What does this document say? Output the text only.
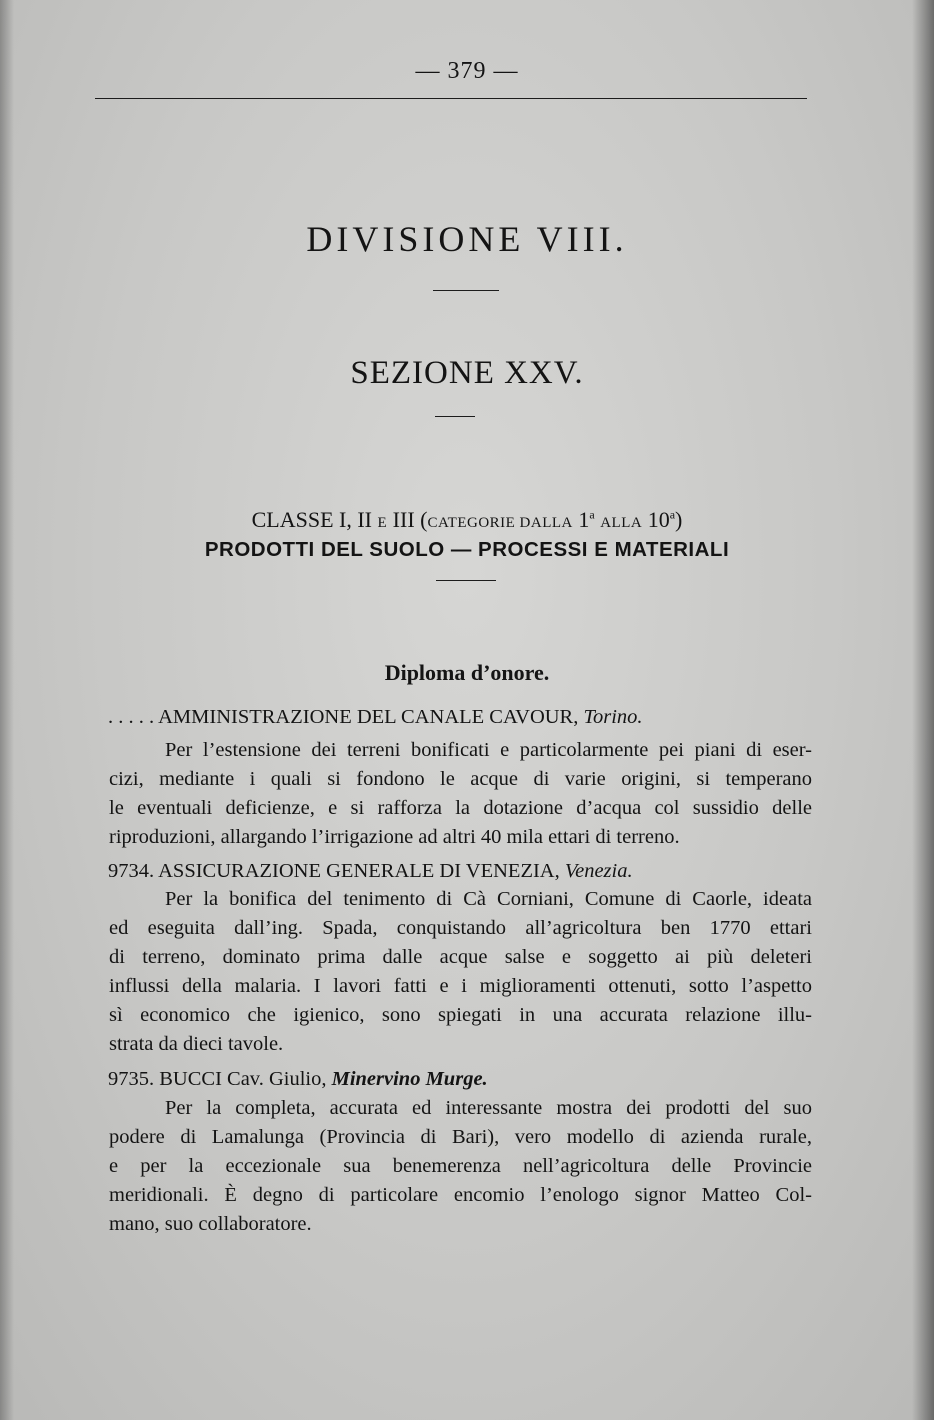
— 379 —
DIVISIONE VIII.
SEZIONE XXV.
CLASSE I, II E III (CATEGORIE DALLA 1$^a$ ALLA 10$^a$)
PRODOTTI DEL SUOLO — PROCESSI E MATERIALI
Diploma d’onore.
. . . . . AMMINISTRAZIONE DEL CANALE CAVOUR, Torino.
Per l’estensione dei terreni bonificati e particolarmente pei piani di eser-
cizi, mediante i quali si fondono le acque di varie origini, si temperano
le eventuali deficienze, e si rafforza la dotazione d’acqua col sussidio delle
riproduzioni, allargando l’irrigazione ad altri 40 mila ettari di terreno.
9734. ASSICURAZIONE GENERALE DI VENEZIA, Venezia.
Per la bonifica del tenimento di Cà Corniani, Comune di Caorle, ideata
ed eseguita dall’ing. Spada, conquistando all’agricoltura ben 1770 ettari
di terreno, dominato prima dalle acque salse e soggetto ai più deleteri
influssi della malaria. I lavori fatti e i miglioramenti ottenuti, sotto l’aspetto
sì economico che igienico, sono spiegati in una accurata relazione illu-
strata da dieci tavole.
9735. BUCCI Cav. Giulio, Minervino Murge.
Per la completa, accurata ed interessante mostra dei prodotti del suo
podere di Lamalunga (Provincia di Bari), vero modello di azienda rurale,
e per la eccezionale sua benemerenza nell’agricoltura delle Provincie
meridionali. È degno di particolare encomio l’enologo signor Matteo Col-
mano, suo collaboratore.
